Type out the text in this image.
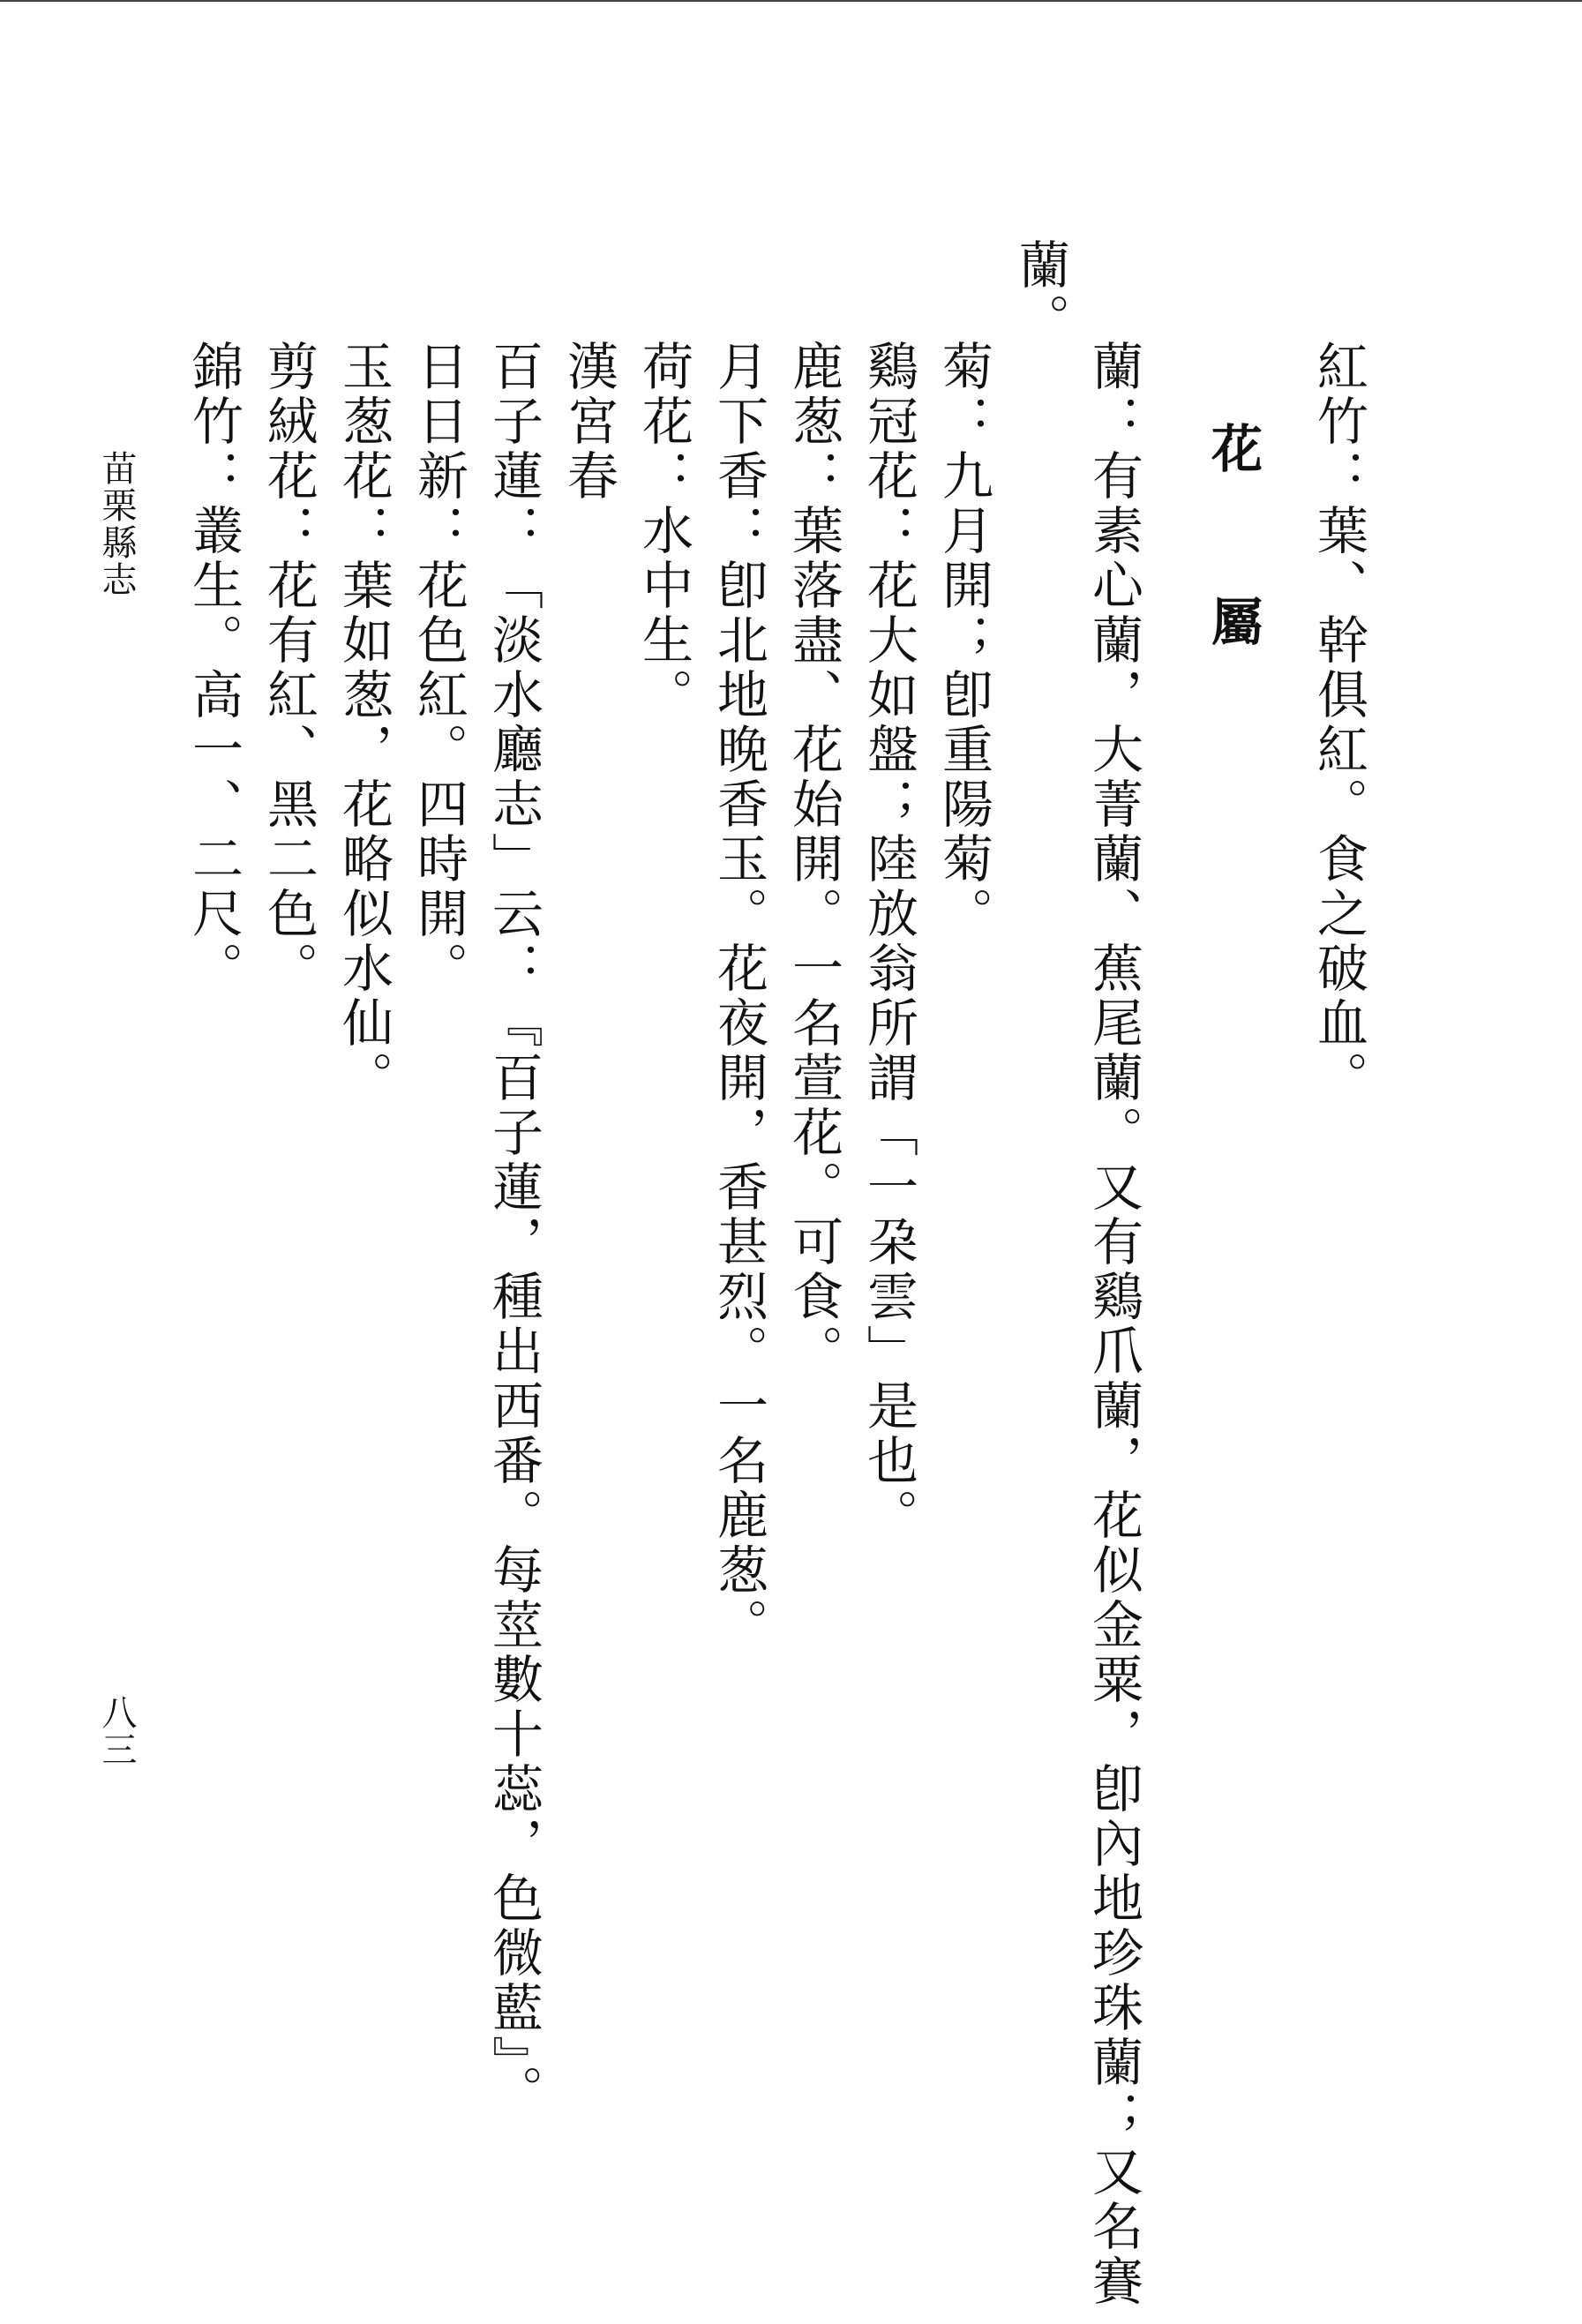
紅竹：葉、幹俱紅。食之破血。
花　屬
蘭：有素心蘭，大菁蘭、蕉尾蘭。又有鷄爪蘭，花似金粟，卽內地珍珠蘭；又名賽
蘭。
菊：九月開；卽重陽菊。
鷄冠花：花大如盤；陸放翁所謂「一朶雲」是也。
鹿葱：葉落盡、花始開。一名萱花。可食。
月下香：卽北地晚香玉。花夜開，香甚烈。一名鹿葱。
荷花：水中生。
漢宮春
百子蓮：「淡水廳志」云：『百子蓮，種出西番。每莖數十蕊，色微藍』。
日日新：花色紅。四時開。
玉葱花：葉如葱，花略似水仙。
剪絨花：花有紅、黑二色。
錦竹：叢生。高一、二尺。
苗栗縣志
八三
